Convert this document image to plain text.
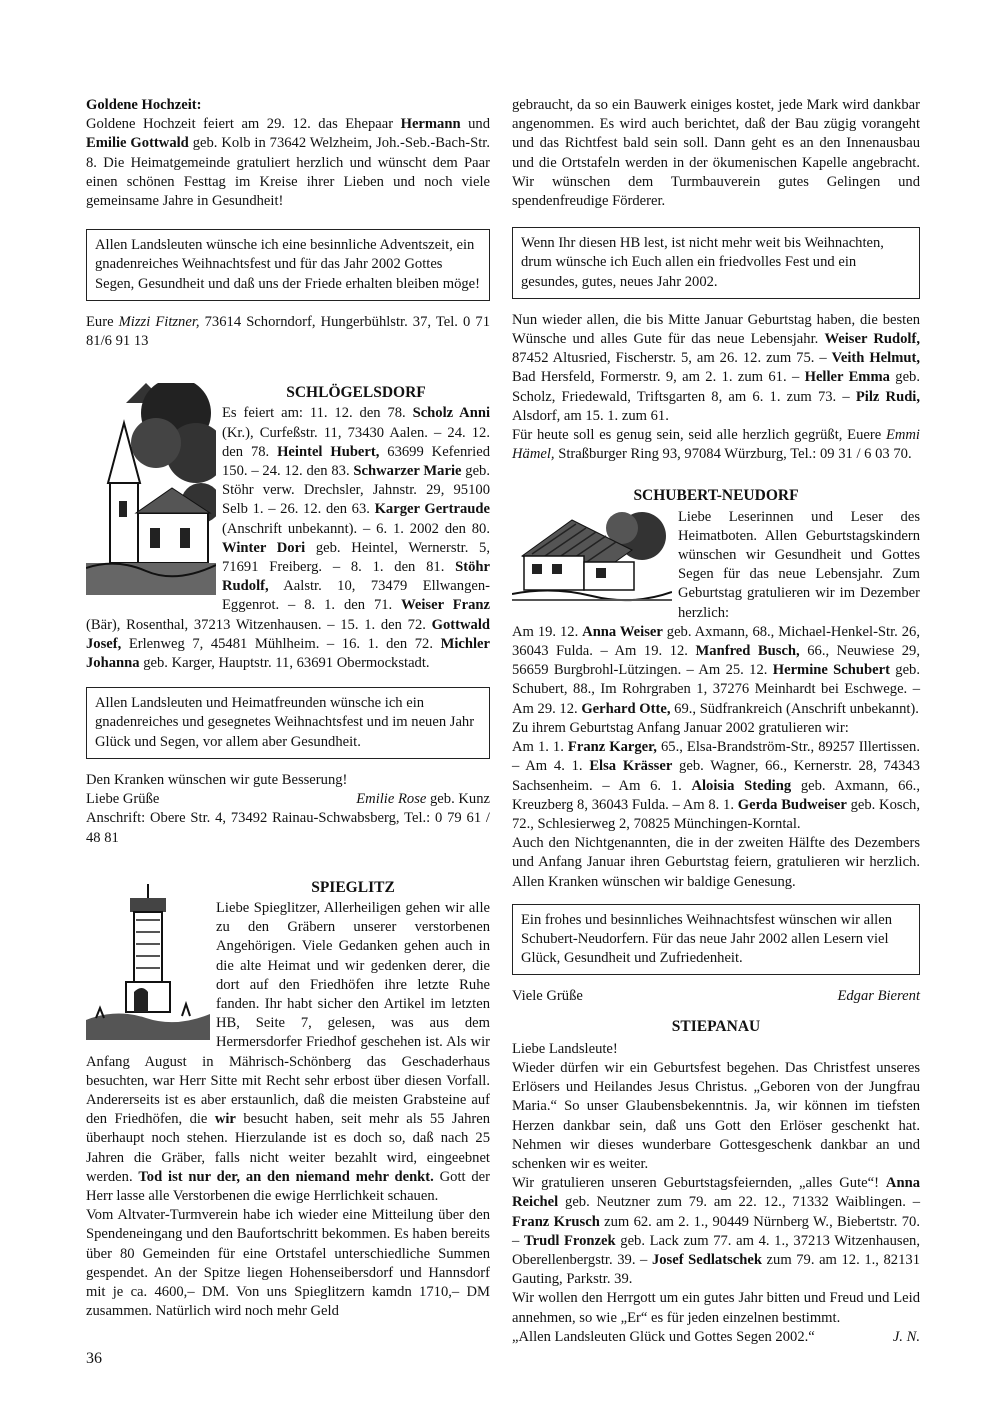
Goldene Hochzeit:

Goldene Hochzeit feiert am 29. 12. das Ehepaar Hermann und Emilie Gottwald geb. Kolb in 73642 Welzheim, Joh.-Seb.-Bach-Str. 8. Die Heimatgemeinde gratuliert herzlich und wünscht dem Paar einen schönen Festtag im Kreise ihrer Lieben und noch viele gemeinsame Jahre in Gesundheit!

Allen Landsleuten wünsche ich eine besinnliche Adventszeit, ein gnadenreiches Weihnachtsfest und für das Jahr 2002 Gottes Segen, Gesundheit und daß uns der Friede erhalten bleiben möge!

Eure Mizzi Fitzner, 73614 Schorndorf, Hungerbühlstr. 37, Tel. 0 71 81/6 91 13

SCHLÖGELSDORF

Es feiert am: 11. 12. den 78. Scholz Anni (Kr.), Curfeßstr. 11, 73430 Aalen. – 24. 12. den 78. Heintel Hubert, 63699 Kefenried 150. – 24. 12. den 83. Schwarzer Marie geb. Stöhr verw. Drechsler, Jahnstr. 29, 95100 Selb 1. – 26. 12. den 63. Karger Gertraude (Anschrift unbekannt). – 6. 1. 2002 den 80. Winter Dori geb. Heintel, Wernerstr. 5, 71691 Freiberg. – 8. 1. den 81. Stöhr Rudolf, Aalstr. 10, 73479 Ellwangen-Eggenrot. – 8. 1. den 71. Weiser Franz (Bär), Rosenthal, 37213 Witzenhausen. – 15. 1. den 72. Gottwald Josef, Erlenweg 7, 45481 Mühlheim. – 16. 1. den 72. Michler Johanna geb. Karger, Hauptstr. 11, 63691 Obermockstadt.

Allen Landsleuten und Heimatfreunden wünsche ich ein gnadenreiches und gesegnetes Weihnachtsfest und im neuen Jahr Glück und Segen, vor allem aber Gesundheit.

Den Kranken wünschen wir gute Besserung!

Liebe Grüße	Emilie Rose geb. Kunz

Anschrift: Obere Str. 4, 73492 Rainau-Schwabsberg, Tel.: 0 79 61 / 48 81

SPIEGLITZ

Liebe Spieglitzer, Allerheiligen gehen wir alle zu den Gräbern unserer verstorbenen Angehörigen. Viele Gedanken gehen auch in die alte Heimat und wir gedenken derer, die dort auf den Friedhöfen ihre letzte Ruhe fanden. Ihr habt sicher den Artikel im letzten HB, Seite 7, gelesen, was aus dem Hermersdorfer Friedhof geschehen ist. Als wir Anfang August in Mährisch-Schönberg das Geschaderhaus besuchten, war Herr Sitte mit Recht sehr erbost über diesen Vorfall. Andererseits ist es aber erstaunlich, daß die meisten Grabsteine auf den Friedhöfen, die wir besucht haben, seit mehr als 55 Jahren überhaupt noch stehen. Hierzulande ist es doch so, daß nach 25 Jahren die Gräber, falls nicht weiter bezahlt wird, eingeebnet werden. Tod ist nur der, an den niemand mehr denkt. Gott der Herr lasse alle Verstorbenen die ewige Herrlichkeit schauen.

Vom Altvater-Turmverein habe ich wieder eine Mitteilung über den Spendeneingang und den Baufortschritt bekommen. Es haben bereits über 80 Gemeinden für eine Ortstafel unterschiedliche Summen gespendet. An der Spitze liegen Hohenseibersdorf und Hannsdorf mit je ca. 4600,– DM. Von uns Spieglitzern kamdn 1710,– DM zusammen. Natürlich wird noch mehr Geld

gebraucht, da so ein Bauwerk einiges kostet, jede Mark wird dankbar angenommen. Es wird auch berichtet, daß der Bau zügig vorangeht und das Richtfest bald sein soll. Dann geht es an den Innenausbau und die Ortstafeln werden in der ökumenischen Kapelle angebracht. Wir wünschen dem Turmbauverein gutes Gelingen und spendenfreudige Förderer.

Wenn Ihr diesen HB lest, ist nicht mehr weit bis Weihnachten, drum wünsche ich Euch allen ein friedvolles Fest und ein gesundes, gutes, neues Jahr 2002.

Nun wieder allen, die bis Mitte Januar Geburtstag haben, die besten Wünsche und alles Gute für das neue Lebensjahr. Weiser Rudolf, 87452 Altusried, Fischerstr. 5, am 26. 12. zum 75. – Veith Helmut, Bad Hersfeld, Formerstr. 9, am 2. 1. zum 61. – Heller Emma geb. Scholz, Friedewald, Triftsgarten 8, am 6. 1. zum 73. – Pilz Rudi, Alsdorf, am 15. 1. zum 61.

Für heute soll es genug sein, seid alle herzlich gegrüßt, Euere Emmi Hämel, Straßburger Ring 93, 97084 Würzburg, Tel.: 09 31 / 6 03 70.

SCHUBERT-NEUDORF

Liebe Leserinnen und Leser des Heimatboten. Allen Geburtstagskindern wünschen wir Gesundheit und Gottes Segen für das neue Lebensjahr. Zum Geburtstag gratulieren wir im Dezember herzlich:

Am 19. 12. Anna Weiser geb. Axmann, 68., Michael-Henkel-Str. 26, 36043 Fulda. – Am 19. 12. Manfred Busch, 66., Neuwiese 29, 56659 Burgbrohl-Lützingen. – Am 25. 12. Hermine Schubert geb. Schubert, 88., Im Rohrgraben 1, 37276 Meinhardt bei Eschwege. – Am 29. 12. Gerhard Otte, 69., Südfrankreich (Anschrift unbekannt).

Zu ihrem Geburtstag Anfang Januar 2002 gratulieren wir:

Am 1. 1. Franz Karger, 65., Elsa-Brandström-Str., 89257 Illertissen. – Am 4. 1. Elsa Krässer geb. Wagner, 66., Kernerstr. 28, 74343 Sachsenheim. – Am 6. 1. Aloisia Steding geb. Axmann, 66., Kreuzberg 8, 36043 Fulda. – Am 8. 1. Gerda Budweiser geb. Kosch, 72., Schlesierweg 2, 70825 Münchingen-Korntal.

Auch den Nichtgenannten, die in der zweiten Hälfte des Dezembers und Anfang Januar ihren Geburtstag feiern, gratulieren wir herzlich. Allen Kranken wünschen wir baldige Genesung.

Ein frohes und besinnliches Weihnachtsfest wünschen wir allen Schubert-Neudorfern. Für das neue Jahr 2002 allen Lesern viel Glück, Gesundheit und Zufriedenheit.
Viele Grüße	Edgar Bierent

STIEPANAU

Liebe Landsleute!

Wieder dürfen wir ein Geburtsfest begehen. Das Christfest unseres Erlösers und Heilandes Jesus Christus. „Geboren von der Jungfrau Maria.“ So unser Glaubensbekenntnis. Ja, wir können im tiefsten Herzen dankbar sein, daß uns Gott den Erlöser geschenkt hat. Nehmen wir dieses wunderbare Gottesgeschenk dankbar an und schenken wir es weiter.

Wir gratulieren unseren Geburtstagsfeiernden, „alles Gute“! Anna Reichel geb. Neutzner zum 79. am 22. 12., 71332 Waiblingen. – Franz Krusch zum 62. am 2. 1., 90449 Nürnberg W., Biebertstr. 70. – Trudl Fronzek geb. Lack zum 77. am 4. 1., 37213 Witzenhausen, Oberellenbergstr. 39. – Josef Sedlatschek zum 79. am 12. 1., 82131 Gauting, Parkstr. 39.

Wir wollen den Herrgott um ein gutes Jahr bitten und Freud und Leid annehmen, so wie „Er“ es für jeden einzelnen bestimmt.

„Allen Landsleuten Glück und Gottes Segen 2002.“	J. N.
36
